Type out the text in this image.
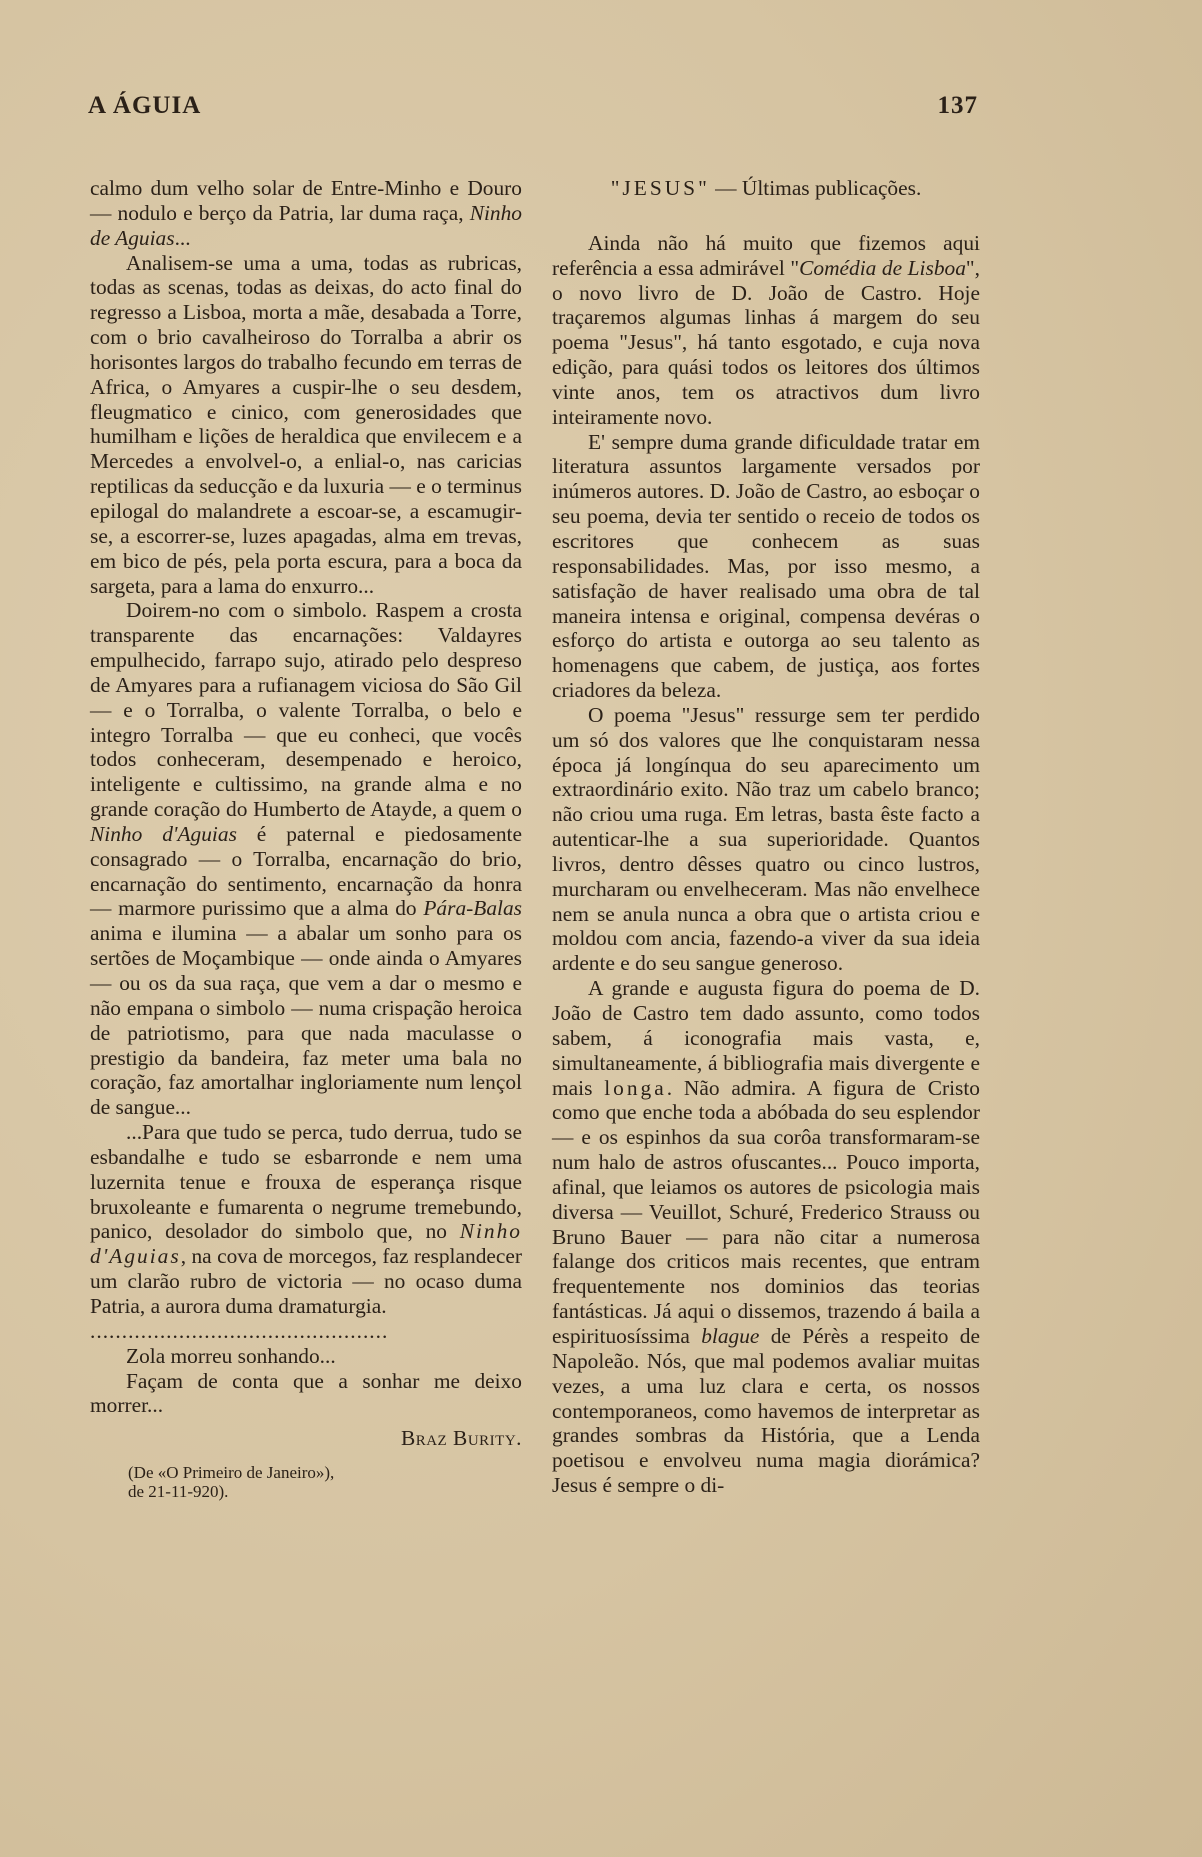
A ÁGUIA	137

calmo dum velho solar de Entre-Minho e Douro — nodulo e berço da Patria, lar duma raça, Ninho de Aguias...

Analisem-se uma a uma, todas as rubricas, todas as scenas, todas as deixas, do acto final do regresso a Lisboa, morta a mãe, desabada a Torre, com o brio cavalheiroso do Torralba a abrir os horisontes largos do trabalho fecundo em terras de Africa, o Amyares a cuspir-lhe o seu desdem, fleugmatico e cinico, com generosidades que humilham e lições de heraldica que envilecem e a Mercedes a envolvel-o, a enlial-o, nas caricias reptilicas da seducção e da luxuria — e o terminus epilogal do malandrete a escoar-se, a escamugir-se, a escorrer-se, luzes apagadas, alma em trevas, em bico de pés, pela porta escura, para a boca da sargeta, para a lama do enxurro...

Doirem-no com o simbolo. Raspem a crosta transparente das encarnações: Valdayres empulhecido, farrapo sujo, atirado pelo despreso de Amyares para a rufianagem viciosa do São Gil — e o Torralba, o valente Torralba, o belo e integro Torralba — que eu conheci, que vocês todos conheceram, desempenado e heroico, inteligente e cultissimo, na grande alma e no grande coração do Humberto de Atayde, a quem o Ninho d'Aguias é paternal e piedosamente consagrado — o Torralba, encarnação do brio, encarnação do sentimento, encarnação da honra — marmore purissimo que a alma do Pára-Balas anima e ilumina — a abalar um sonho para os sertões de Moçambique — onde ainda o Amyares — ou os da sua raça, que vem a dar o mesmo e não empana o simbolo — numa crispação heroica de patriotismo, para que nada maculasse o prestigio da bandeira, faz meter uma bala no coração, faz amortalhar ingloriamente num lençol de sangue...

...Para que tudo se perca, tudo derrua, tudo se esbandalhe e tudo se esbarronde e nem uma luzernita tenue e frouxa de esperança risque bruxoleante e fumarenta o negrume tremebundo, panico, desolador do simbolo que, no Ninho d'Aguias, na cova de morcegos, faz resplandecer um clarão rubro de victoria — no ocaso duma Patria, a aurora duma dramaturgia.

...............................................

Zola morreu sonhando...

Façam de conta que a sonhar me deixo morrer...

Braz Burity.

(De «O Primeiro de Janeiro»),
de 21-11-920).

"JESUS" — Últimas publicações.

Ainda não há muito que fizemos aqui referência a essa admirável "Comédia de Lisboa", o novo livro de D. João de Castro. Hoje traçaremos algumas linhas á margem do seu poema "Jesus", há tanto esgotado, e cuja nova edição, para quási todos os leitores dos últimos vinte anos, tem os atractivos dum livro inteiramente novo.

E' sempre duma grande dificuldade tratar em literatura assuntos largamente versados por inúmeros autores. D. João de Castro, ao esboçar o seu poema, devia ter sentido o receio de todos os escritores que conhecem as suas responsabilidades. Mas, por isso mesmo, a satisfação de haver realisado uma obra de tal maneira intensa e original, compensa devéras o esforço do artista e outorga ao seu talento as homenagens que cabem, de justiça, aos fortes criadores da beleza.

O poema "Jesus" ressurge sem ter perdido um só dos valores que lhe conquistaram nessa época já longínqua do seu aparecimento um extraordinário exito. Não traz um cabelo branco; não criou uma ruga. Em letras, basta êste facto a autenticar-lhe a sua superioridade. Quantos livros, dentro dêsses quatro ou cinco lustros, murcharam ou envelheceram. Mas não envelhece nem se anula nunca a obra que o artista criou e moldou com ancia, fazendo-a viver da sua ideia ardente e do seu sangue generoso.

A grande e augusta figura do poema de D. João de Castro tem dado assunto, como todos sabem, á iconografia mais vasta, e, simultaneamente, á bibliografia mais divergente e mais longa. Não admira. A figura de Cristo como que enche toda a abóbada do seu esplendor — e os espinhos da sua corôa transformaram-se num halo de astros ofuscantes... Pouco importa, afinal, que leiamos os autores de psicologia mais diversa — Veuillot, Schuré, Frederico Strauss ou Bruno Bauer — para não citar a numerosa falange dos criticos mais recentes, que entram frequentemente nos dominios das teorias fantásticas. Já aqui o dissemos, trazendo á baila a espirituosíssima blague de Pérès a respeito de Napoleão. Nós, que mal podemos avaliar muitas vezes, a uma luz clara e certa, os nossos contemporaneos, como havemos de interpretar as grandes sombras da História, que a Lenda poetisou e envolveu numa magia diorámica? Jesus é sempre o di-
